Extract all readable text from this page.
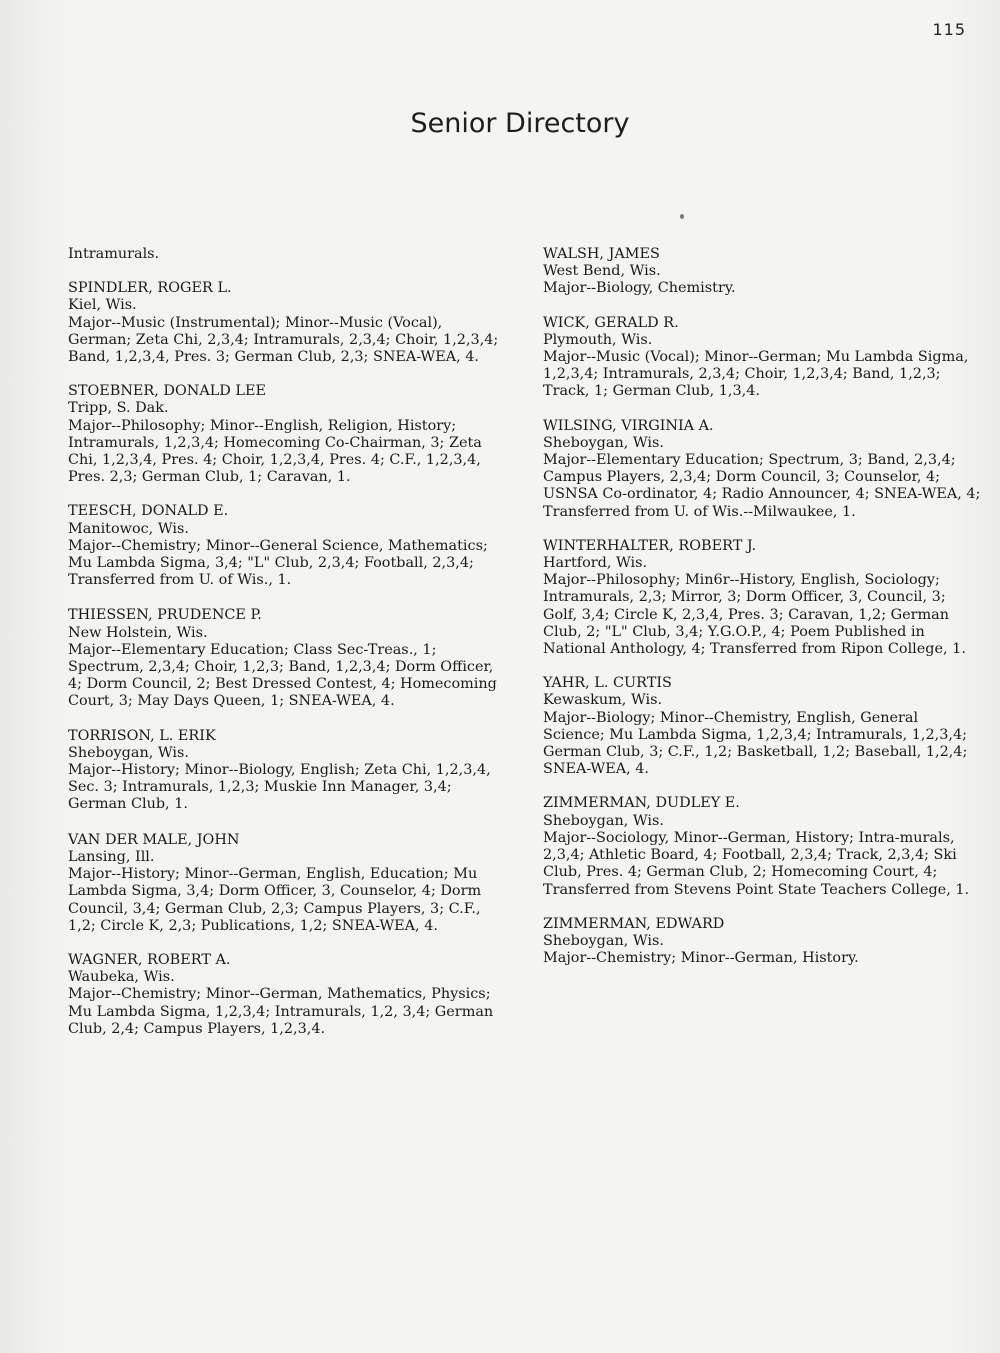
115
Senior Directory
Intramurals.
SPINDLER, ROGER L.
Kiel, Wis.
Major--Music (Instrumental); Minor--Music (Vocal), German; Zeta Chi, 2,3,4; Intramurals, 2,3,4; Choir, 1,2,3,4; Band, 1,2,3,4, Pres. 3; German Club, 2,3; SNEA-WEA, 4.
STOEBNER, DONALD LEE
Tripp, S. Dak.
Major--Philosophy; Minor--English, Religion, History; Intramurals, 1,2,3,4; Homecoming Co-Chairman, 3; Zeta Chi, 1,2,3,4, Pres. 4; Choir, 1,2,3,4, Pres. 4; C.F., 1,2,3,4, Pres. 2,3; German Club, 1; Caravan, 1.
TEESCH, DONALD E.
Manitowoc, Wis.
Major--Chemistry; Minor--General Science, Mathematics; Mu Lambda Sigma, 3,4; "L" Club, 2,3,4; Football, 2,3,4; Transferred from U. of Wis., 1.
THIESSEN, PRUDENCE P.
New Holstein, Wis.
Major--Elementary Education; Class Sec-Treas., 1; Spectrum, 2,3,4; Choir, 1,2,3; Band, 1,2,3,4; Dorm Officer, 4; Dorm Council, 2; Best Dressed Contest, 4; Homecoming Court, 3; May Days Queen, 1; SNEA-WEA, 4.
TORRISON, L. ERIK
Sheboygan, Wis.
Major--History; Minor--Biology, English; Zeta Chi, 1,2,3,4, Sec. 3; Intramurals, 1,2,3; Muskie Inn Manager, 3,4; German Club, 1.
VAN DER MALE, JOHN
Lansing, Ill.
Major--History; Minor--German, English, Education; Mu Lambda Sigma, 3,4; Dorm Officer, 3, Counselor, 4; Dorm Council, 3,4; German Club, 2,3; Campus Players, 3; C.F., 1,2; Circle K, 2,3; Publications, 1,2; SNEA-WEA, 4.
WAGNER, ROBERT A.
Waubeka, Wis.
Major--Chemistry; Minor--German, Mathematics, Physics; Mu Lambda Sigma, 1,2,3,4; Intramurals, 1,2, 3,4; German Club, 2,4; Campus Players, 1,2,3,4.
WALSH, JAMES
West Bend, Wis.
Major--Biology, Chemistry.
WICK, GERALD R.
Plymouth, Wis.
Major--Music (Vocal); Minor--German; Mu Lambda Sigma, 1,2,3,4; Intramurals, 2,3,4; Choir, 1,2,3,4; Band, 1,2,3; Track, 1; German Club, 1,3,4.
WILSING, VIRGINIA A.
Sheboygan, Wis.
Major--Elementary Education; Spectrum, 3; Band, 2,3,4; Campus Players, 2,3,4; Dorm Council, 3; Counselor, 4; USNSA Co-ordinator, 4; Radio Announcer, 4; SNEA-WEA, 4; Transferred from U. of Wis.--Milwaukee, 1.
WINTERHALTER, ROBERT J.
Hartford, Wis.
Major--Philosophy; Min6r--History, English, Sociology; Intramurals, 2,3; Mirror, 3; Dorm Officer, 3, Council, 3; Golf, 3,4; Circle K, 2,3,4, Pres. 3; Caravan, 1,2; German Club, 2; "L" Club, 3,4; Y.G.O.P., 4; Poem Published in National Anthology, 4; Transferred from Ripon College, 1.
YAHR, L. CURTIS
Kewaskum, Wis.
Major--Biology; Minor--Chemistry, English, General Science; Mu Lambda Sigma, 1,2,3,4; Intramurals, 1,2,3,4; German Club, 3; C.F., 1,2; Basketball, 1,2; Baseball, 1,2,4; SNEA-WEA, 4.
ZIMMERMAN, DUDLEY E.
Sheboygan, Wis.
Major--Sociology, Minor--German, History; Intra-murals, 2,3,4; Athletic Board, 4; Football, 2,3,4; Track, 2,3,4; Ski Club, Pres. 4; German Club, 2; Homecoming Court, 4; Transferred from Stevens Point State Teachers College, 1.
ZIMMERMAN, EDWARD
Sheboygan, Wis.
Major--Chemistry; Minor--German, History.
